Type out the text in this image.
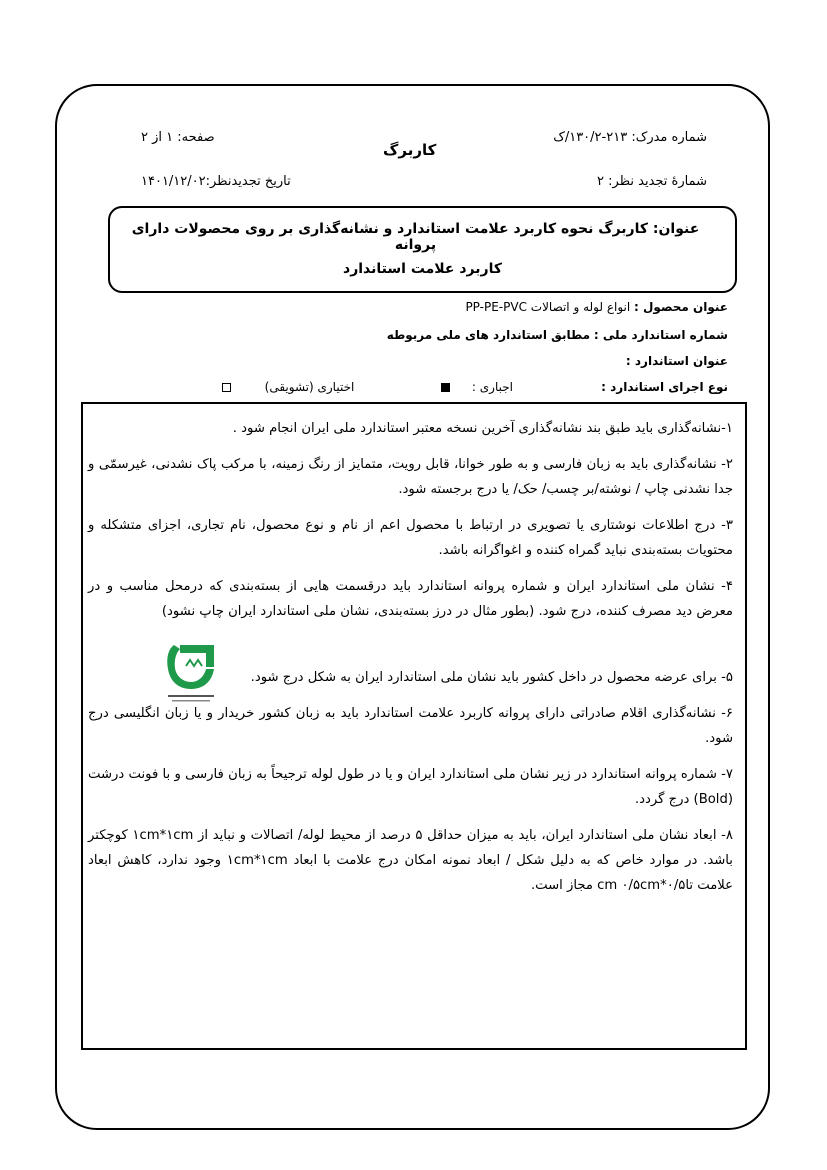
شماره مدرک: ۲۱۳-۱۳۰/۲/ک
شمارۀ تجدید نظر: ۲
کاربرگ
صفحه: ۱ از ۲
تاریخ تجدیدنظر:۱۴۰۱/۱۲/۰۲
عنوان: کاربرگ نحوه کاربرد علامت استاندارد و نشانه‌گذاری بر روی محصولات دارای پروانه
کاربرد علامت استاندارد
عنوان محصول : انواع لوله و اتصالات PP-PE-PVC
شماره استاندارد ملی : مطابق استاندارد های ملی مربوطه
عنوان استاندارد :
نوع اجرای استاندارد :
اجباری :
اختیاری (تشویقی)

۱-نشانه‌گذاری باید طبق بند نشانه‌گذاری آخرین نسخه معتبر استاندارد ملی ایران انجام شود .

۲- نشانه‌گذاری باید به زبان فارسی و به طور خوانا، قابل رویت، متمایز از رنگ زمینه، با مرکب پاک نشدنی، غیرسمّی و جدا نشدنی چاپ / نوشته/بر چسب/ حک/ یا درج برجسته شود.

۳- درج اطلاعات نوشتاری یا تصویری در ارتباط با محصول اعم از نام و نوع محصول، نام تجاری، اجزای متشکله و محتویات بسته‌بندی نباید گمراه کننده و اغواگرانه باشد.

۴- نشان ملی استاندارد ایران و شماره پروانه استاندارد باید درقسمت هایی از بسته‌بندی که درمحل مناسب و در معرض دید مصرف کننده، درج شود. (بطور مثال در درز بسته‌بندی، نشان ملی استاندارد ایران چاپ نشود)

۵- برای عرضه محصول در داخل کشور باید نشان ملی استاندارد ایران به شکل درج شود.

۶- نشانه‌گذاری اقلام صادراتی دارای پروانه کاربرد علامت استاندارد باید به زبان کشور خریدار و یا زبان انگلیسی درج شود.

۷- شماره پروانه استاندارد در زیر نشان ملی استاندارد ایران و یا در طول لوله ترجیحاً به زبان فارسی و با فونت درشت (Bold) درج گردد.

۸- ابعاد نشان ملی استاندارد ایران، باید به میزان حداقل ۵ درصد از محیط لوله/ اتصالات و نباید از ۱cm*۱cm کوچکتر باشد. در موارد خاص که به دلیل شکل / ابعاد نمونه امکان درج علامت با ابعاد ۱cm*۱cm وجود ندارد، کاهش ابعاد علامت تاcm ۰/۵cm*۰/۵ مجاز است.
